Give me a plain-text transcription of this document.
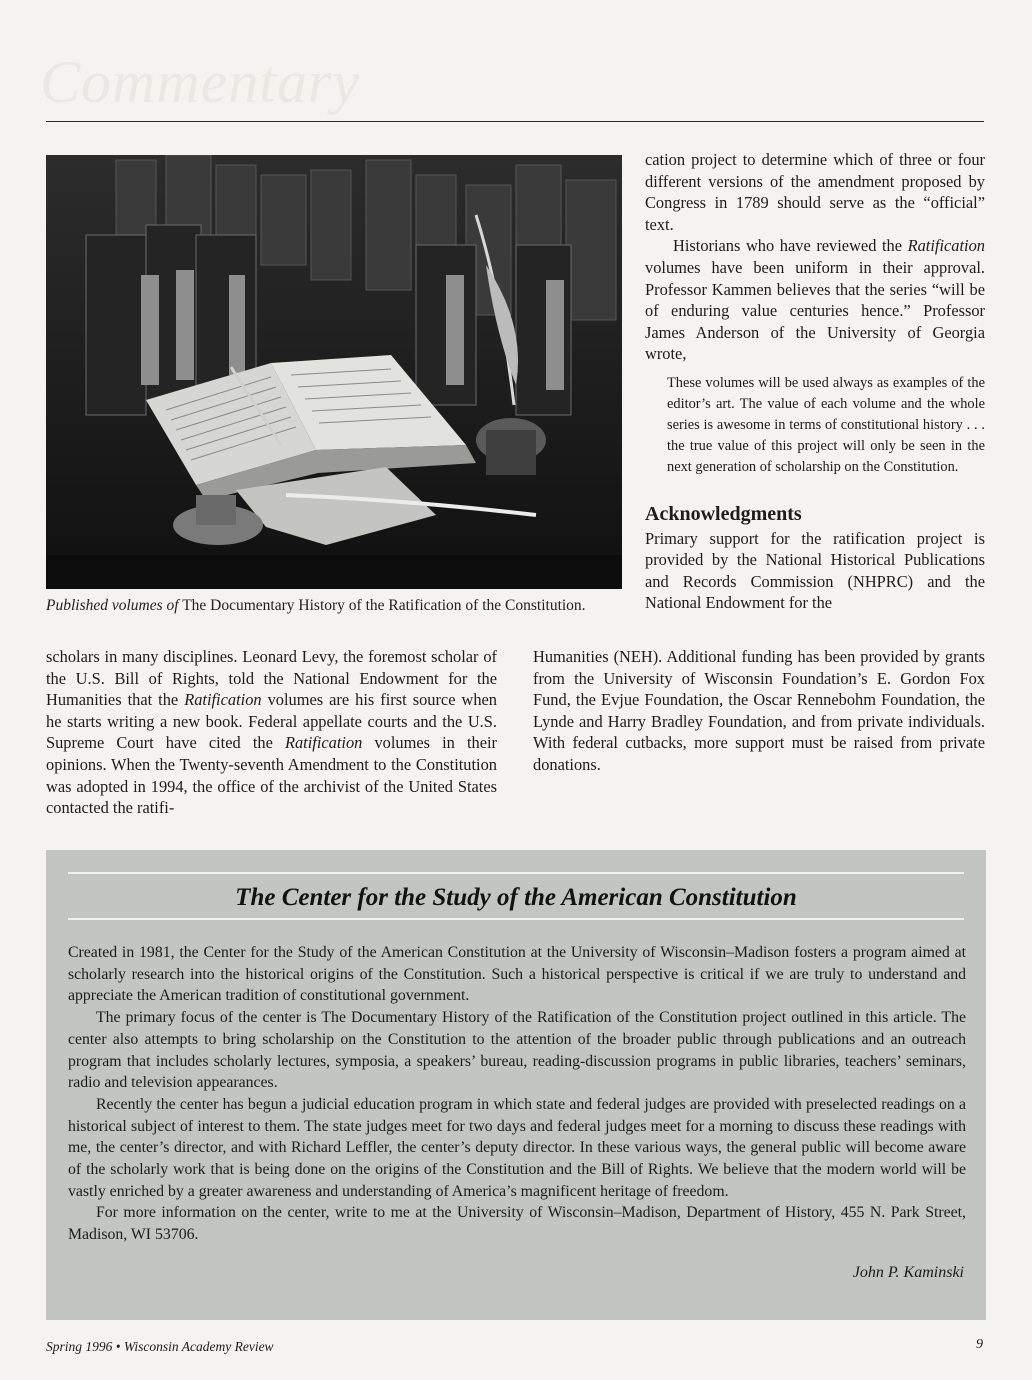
Commentary
Published volumes of The Documentary History of the Ratification of the Constitution.

cation project to determine which of three or four different versions of the amendment proposed by Congress in 1789 should serve as the “official” text.

Historians who have reviewed the Ratification volumes have been uniform in their approval. Professor Kammen believes that the series “will be of enduring value centuries hence.” Professor James Anderson of the University of Georgia wrote,

These volumes will be used always as examples of the editor’s art. The value of each volume and the whole series is awesome in terms of constitutional history . . . the true value of this project will only be seen in the next generation of scholarship on the Constitution.

Acknowledgments

Primary support for the ratification project is provided by the National Historical Publications and Records Commission (NHPRC) and the National Endowment for the

scholars in many disciplines. Leonard Levy, the foremost scholar of the U.S. Bill of Rights, told the National Endowment for the Humanities that the Ratification volumes are his first source when he starts writing a new book. Federal appellate courts and the U.S. Supreme Court have cited the Ratification volumes in their opinions. When the Twenty-seventh Amendment to the Constitution was adopted in 1994, the office of the archivist of the United States contacted the ratifi-

Humanities (NEH). Additional funding has been provided by grants from the University of Wisconsin Foundation’s E. Gordon Fox Fund, the Evjue Foundation, the Oscar Rennebohm Foundation, the Lynde and Harry Bradley Foundation, and from private individuals. With federal cutbacks, more support must be raised from private donations.

The Center for the Study of the American Constitution

Created in 1981, the Center for the Study of the American Constitution at the University of Wisconsin–Madison fosters a program aimed at scholarly research into the historical origins of the Constitution. Such a historical perspective is critical if we are truly to understand and appreciate the American tradition of constitutional government.

The primary focus of the center is The Documentary History of the Ratification of the Constitution project outlined in this article. The center also attempts to bring scholarship on the Constitution to the attention of the broader public through publications and an outreach program that includes scholarly lectures, symposia, a speakers’ bureau, reading-discussion programs in public libraries, teachers’ seminars, radio and television appearances.

Recently the center has begun a judicial education program in which state and federal judges are provided with preselected readings on a historical subject of interest to them. The state judges meet for two days and federal judges meet for a morning to discuss these readings with me, the center’s director, and with Richard Leffler, the center’s deputy director. In these various ways, the general public will become aware of the scholarly work that is being done on the origins of the Constitution and the Bill of Rights. We believe that the modern world will be vastly enriched by a greater awareness and understanding of America’s magnificent heritage of freedom.

For more information on the center, write to me at the University of Wisconsin–Madison, Department of History, 455 N. Park Street, Madison, WI 53706.

John P. Kaminski
Spring 1996 • Wisconsin Academy Review	9
